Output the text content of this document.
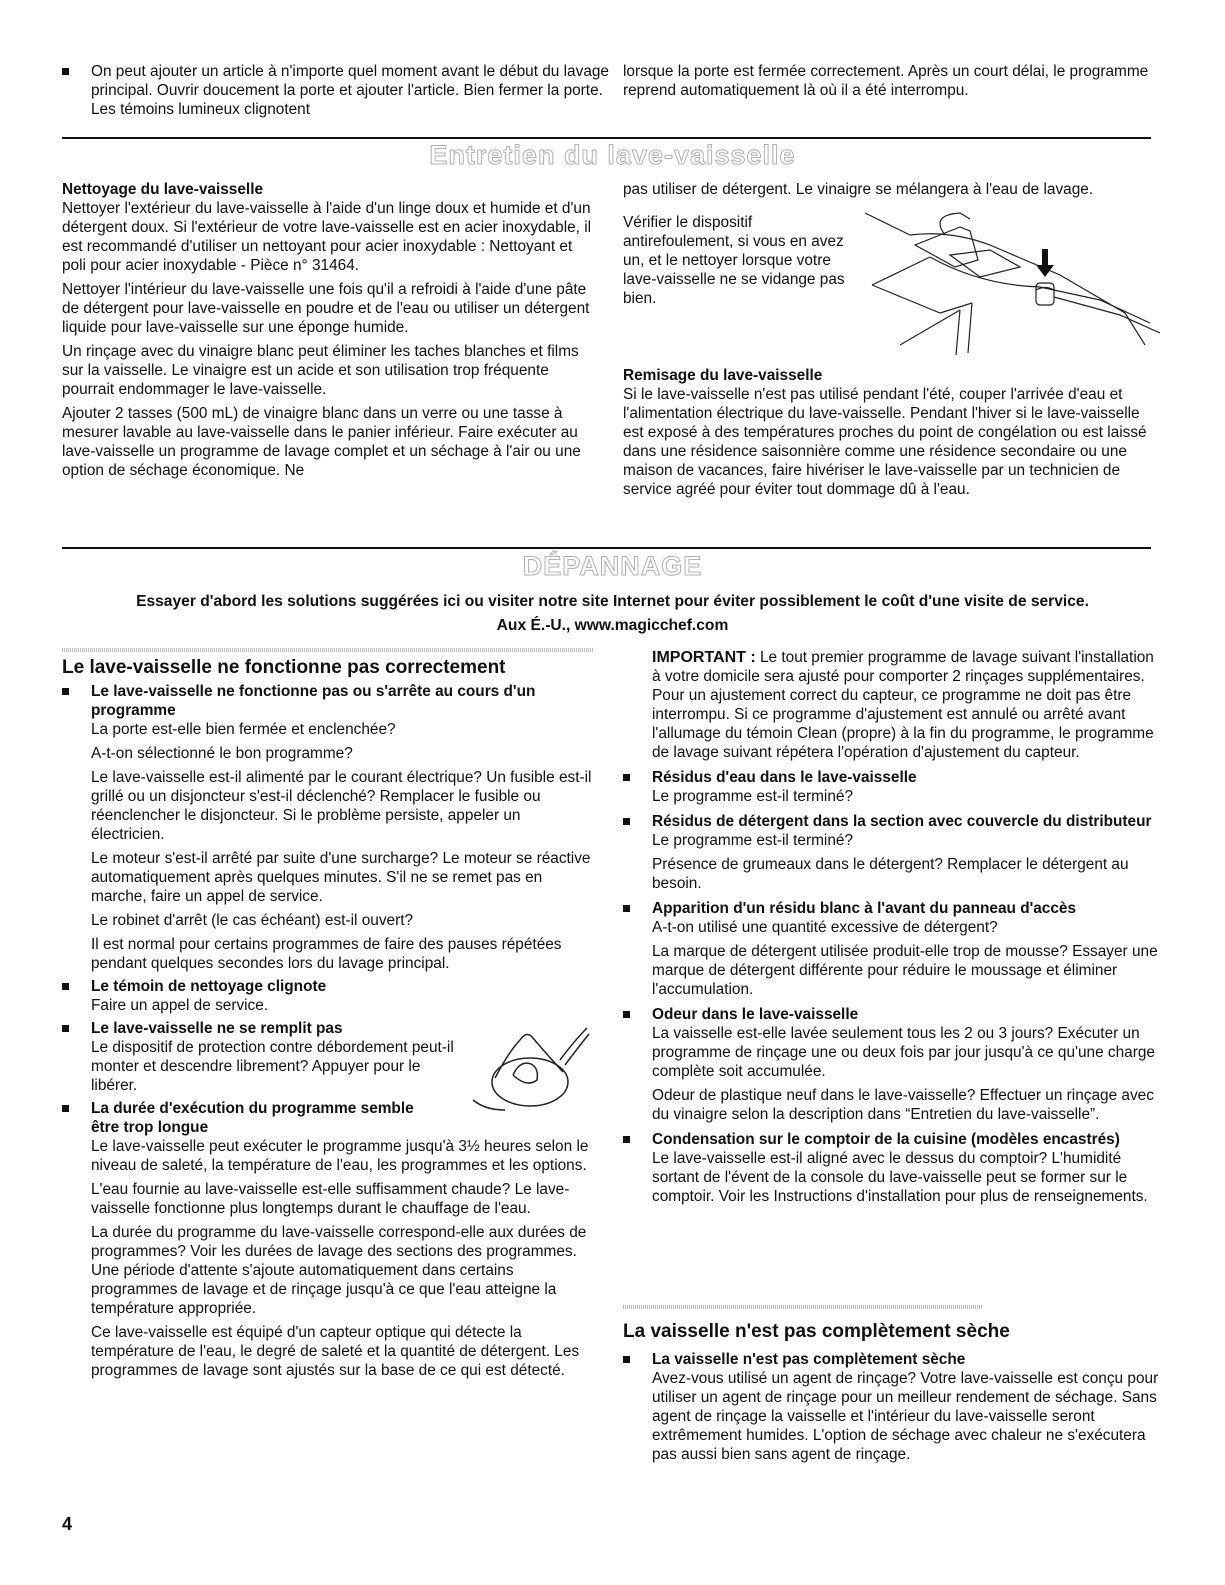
On peut ajouter un article à n'importe quel moment avant le début du lavage principal. Ouvrir doucement la porte et ajouter l'article. Bien fermer la porte. Les témoins lumineux clignotent
lorsque la porte est fermée correctement. Après un court délai, le programme reprend automatiquement là où il a été interrompu.
Entretien du lave-vaisselle

Nettoyage du lave-vaisselle

Nettoyer l'extérieur du lave-vaisselle à l'aide d'un linge doux et humide et d'un détergent doux. Si l'extérieur de votre lave-vaisselle est en acier inoxydable, il est recommandé d'utiliser un nettoyant pour acier inoxydable : Nettoyant et poli pour acier inoxydable - Pièce n° 31464.

Nettoyer l'intérieur du lave-vaisselle une fois qu'il a refroidi à l'aide d'une pâte de détergent pour lave-vaisselle en poudre et de l'eau ou utiliser un détergent liquide pour lave-vaisselle sur une éponge humide.

Un rinçage avec du vinaigre blanc peut éliminer les taches blanches et films sur la vaisselle. Le vinaigre est un acide et son utilisation trop fréquente pourrait endommager le lave-vaisselle.

Ajouter 2 tasses (500 mL) de vinaigre blanc dans un verre ou une tasse à mesurer lavable au lave-vaisselle dans le panier inférieur. Faire exécuter au lave-vaisselle un programme de lavage complet et un séchage à l'air ou une option de séchage économique. Ne

pas utiliser de détergent. Le vinaigre se mélangera à l'eau de lavage.

Vérifier le dispositif antirefoulement, si vous en avez un, et le nettoyer lorsque votre lave-vaisselle ne se vidange pas bien.

Remisage du lave-vaisselle

Si le lave-vaisselle n'est pas utilisé pendant l'été, couper l'arrivée d'eau et l'alimentation électrique du lave-vaisselle. Pendant l'hiver si le lave-vaisselle est exposé à des températures proches du point de congélation ou est laissé dans une résidence saisonnière comme une résidence secondaire ou une maison de vacances, faire hivériser le lave-vaisselle par un technicien de service agréé pour éviter tout dommage dû à l'eau.

DÉPANNAGE

Essayer d'abord les solutions suggérées ici ou visiter notre site Internet pour éviter possiblement le coût d'une visite de service.

Aux É.-U., www.magicchef.com

Le lave-vaisselle ne fonctionne pas correctement

Le lave-vaisselle ne fonctionne pas ou s'arrête au cours d'un programme

La porte est-elle bien fermée et enclenchée?

A-t-on sélectionné le bon programme?

Le lave-vaisselle est-il alimenté par le courant électrique? Un fusible est-il grillé ou un disjoncteur s'est-il déclenché? Remplacer le fusible ou réenclencher le disjoncteur. Si le problème persiste, appeler un électricien.

Le moteur s'est-il arrêté par suite d'une surcharge? Le moteur se réactive automatiquement après quelques minutes. S'il ne se remet pas en marche, faire un appel de service.

Le robinet d'arrêt (le cas échéant) est-il ouvert?

Il est normal pour certains programmes de faire des pauses répétées pendant quelques secondes lors du lavage principal.

Le témoin de nettoyage clignote

Faire un appel de service.

Le lave-vaisselle ne se remplit pas

Le dispositif de protection contre débordement peut-il monter et descendre librement? Appuyer pour le libérer.

La durée d'exécution du programme semble être trop longue

Le lave-vaisselle peut exécuter le programme jusqu'à 3½ heures selon le niveau de saleté, la température de l'eau, les programmes et les options.

L'eau fournie au lave-vaisselle est-elle suffisamment chaude? Le lave-vaisselle fonctionne plus longtemps durant le chauffage de l'eau.

La durée du programme du lave-vaisselle correspond-elle aux durées de programmes? Voir les durées de lavage des sections des programmes. Une période d'attente s'ajoute automatiquement dans certains programmes de lavage et de rinçage jusqu'à ce que l'eau atteigne la température appropriée.

Ce lave-vaisselle est équipé d'un capteur optique qui détecte la température de l'eau, le degré de saleté et la quantité de détergent. Les programmes de lavage sont ajustés sur la base de ce qui est détecté.

IMPORTANT : Le tout premier programme de lavage suivant l'installation à votre domicile sera ajusté pour comporter 2 rinçages supplémentaires. Pour un ajustement correct du capteur, ce programme ne doit pas être interrompu. Si ce programme d'ajustement est annulé ou arrêté avant l'allumage du témoin Clean (propre) à la fin du programme, le programme de lavage suivant répétera l'opération d'ajustement du capteur.

Résidus d'eau dans le lave-vaisselle

Le programme est-il terminé?

Résidus de détergent dans la section avec couvercle du distributeur

Le programme est-il terminé?

Présence de grumeaux dans le détergent? Remplacer le détergent au besoin.

Apparition d'un résidu blanc à l'avant du panneau d'accès

A-t-on utilisé une quantité excessive de détergent?

La marque de détergent utilisée produit-elle trop de mousse? Essayer une marque de détergent différente pour réduire le moussage et éliminer l'accumulation.

Odeur dans le lave-vaisselle

La vaisselle est-elle lavée seulement tous les 2 ou 3 jours? Exécuter un programme de rinçage une ou deux fois par jour jusqu'à ce qu'une charge complète soit accumulée.

Odeur de plastique neuf dans le lave-vaisselle? Effectuer un rinçage avec du vinaigre selon la description dans “Entretien du lave-vaisselle”.

Condensation sur le comptoir de la cuisine (modèles encastrés)

Le lave-vaisselle est-il aligné avec le dessus du comptoir? L'humidité sortant de l'évent de la console du lave-vaisselle peut se former sur le comptoir. Voir les Instructions d'installation pour plus de renseignements.

La vaisselle n'est pas complètement sèche

La vaisselle n'est pas complètement sèche

Avez-vous utilisé un agent de rinçage? Votre lave-vaisselle est conçu pour utiliser un agent de rinçage pour un meilleur rendement de séchage. Sans agent de rinçage la vaisselle et l'intérieur du lave-vaisselle seront extrêmement humides. L'option de séchage avec chaleur ne s'exécutera pas aussi bien sans agent de rinçage.

4
